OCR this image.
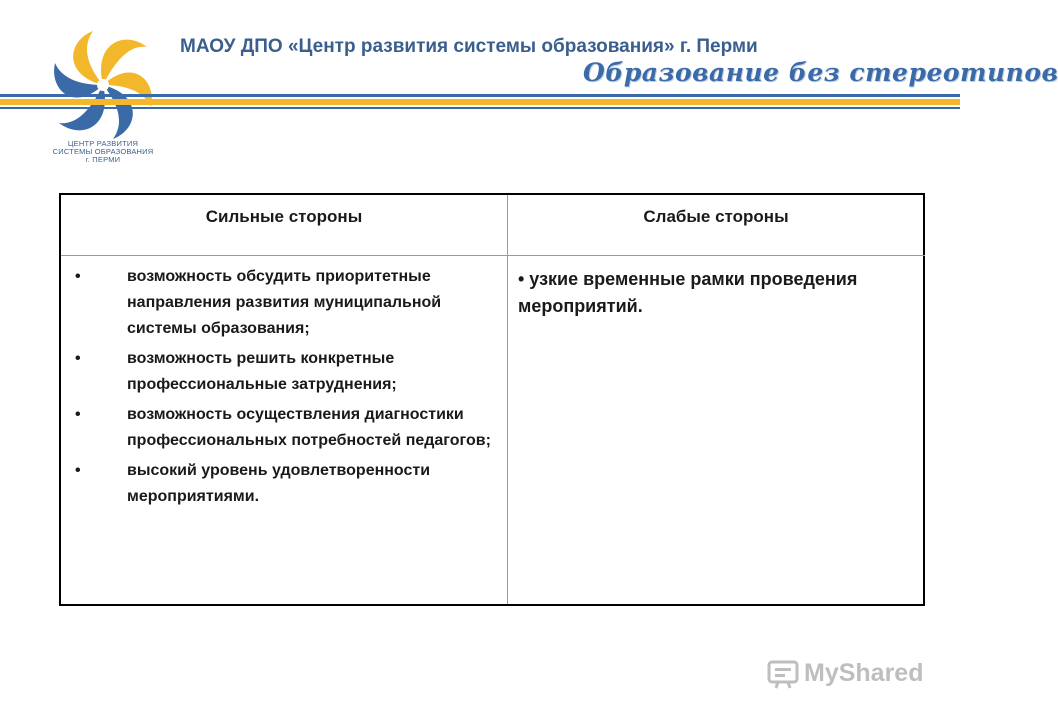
ЦЕНТР РАЗВИТИЯ
СИСТЕМЫ ОБРАЗОВАНИЯ
г. ПЕРМИ
МАОУ ДПО «Центр развития системы образования» г. Перми
Образование без стереотипов
Сильные стороны	Слабые стороны
•	возможность обсудить приоритетные направления развития муниципальной системы образования;
•	возможность решить конкретные профессиональные затруднения;
•	возможность осуществления диагностики профессиональных потребностей педагогов;
•	высокий уровень удовлетворенности мероприятиями.
• узкие временные рамки проведения мероприятий.
MyShared
